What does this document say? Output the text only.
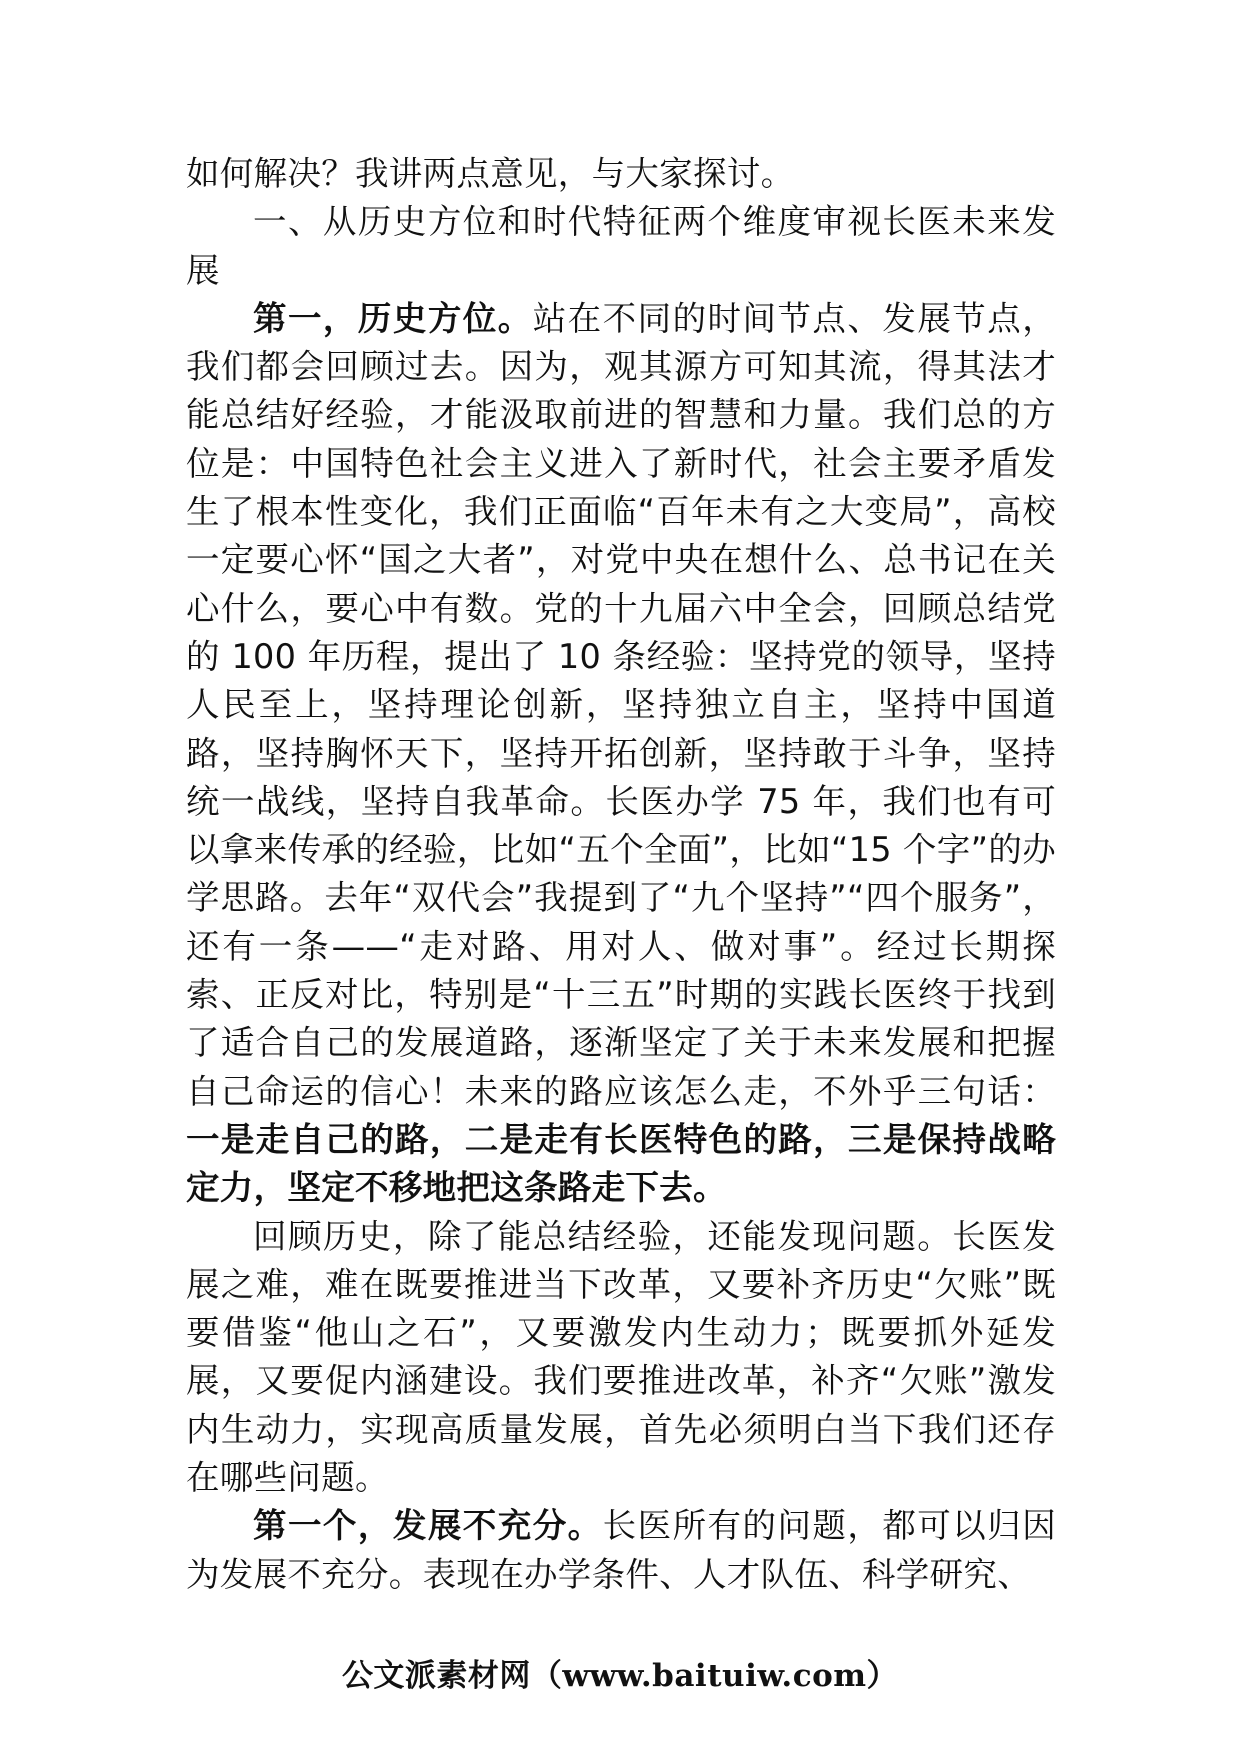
如何解决？我讲两点意见，与大家探讨。

一、从历史方位和时代特征两个维度审视长医未来发展

第一，历史方位。站在不同的时间节点、发展节点，我们都会回顾过去。因为，观其源方可知其流，得其法才能总结好经验，才能汲取前进的智慧和力量。我们总的方位是：中国特色社会主义进入了新时代，社会主要矛盾发生了根本性变化，我们正面临“百年未有之大变局”，高校一定要心怀“国之大者”，对党中央在想什么、总书记在关心什么，要心中有数。党的十九届六中全会，回顾总结党的 100 年历程，提出了 10 条经验：坚持党的领导，坚持人民至上，坚持理论创新，坚持独立自主，坚持中国道路，坚持胸怀天下，坚持开拓创新，坚持敢于斗争，坚持统一战线，坚持自我革命。长医办学 75 年，我们也有可以拿来传承的经验，比如“五个全面”，比如“15 个字”的办学思路。去年“双代会”我提到了“九个坚持”“四个服务”，还有一条——“走对路、用对人、做对事”。经过长期探索、正反对比，特别是“十三五”时期的实践长医终于找到了适合自己的发展道路，逐渐坚定了关于未来发展和把握自己命运的信心！未来的路应该怎么走，不外乎三句话：一是走自己的路，二是走有长医特色的路，三是保持战略定力，坚定不移地把这条路走下去。

回顾历史，除了能总结经验，还能发现问题。长医发展之难，难在既要推进当下改革，又要补齐历史“欠账”既要借鉴“他山之石”，又要激发内生动力；既要抓外延发展，又要促内涵建设。我们要推进改革，补齐“欠账”激发内生动力，实现高质量发展，首先必须明白当下我们还存在哪些问题。

第一个，发展不充分。长医所有的问题，都可以归因为发展不充分。表现在办学条件、人才队伍、科学研究、

公文派素材网（www.baituiw.com）
